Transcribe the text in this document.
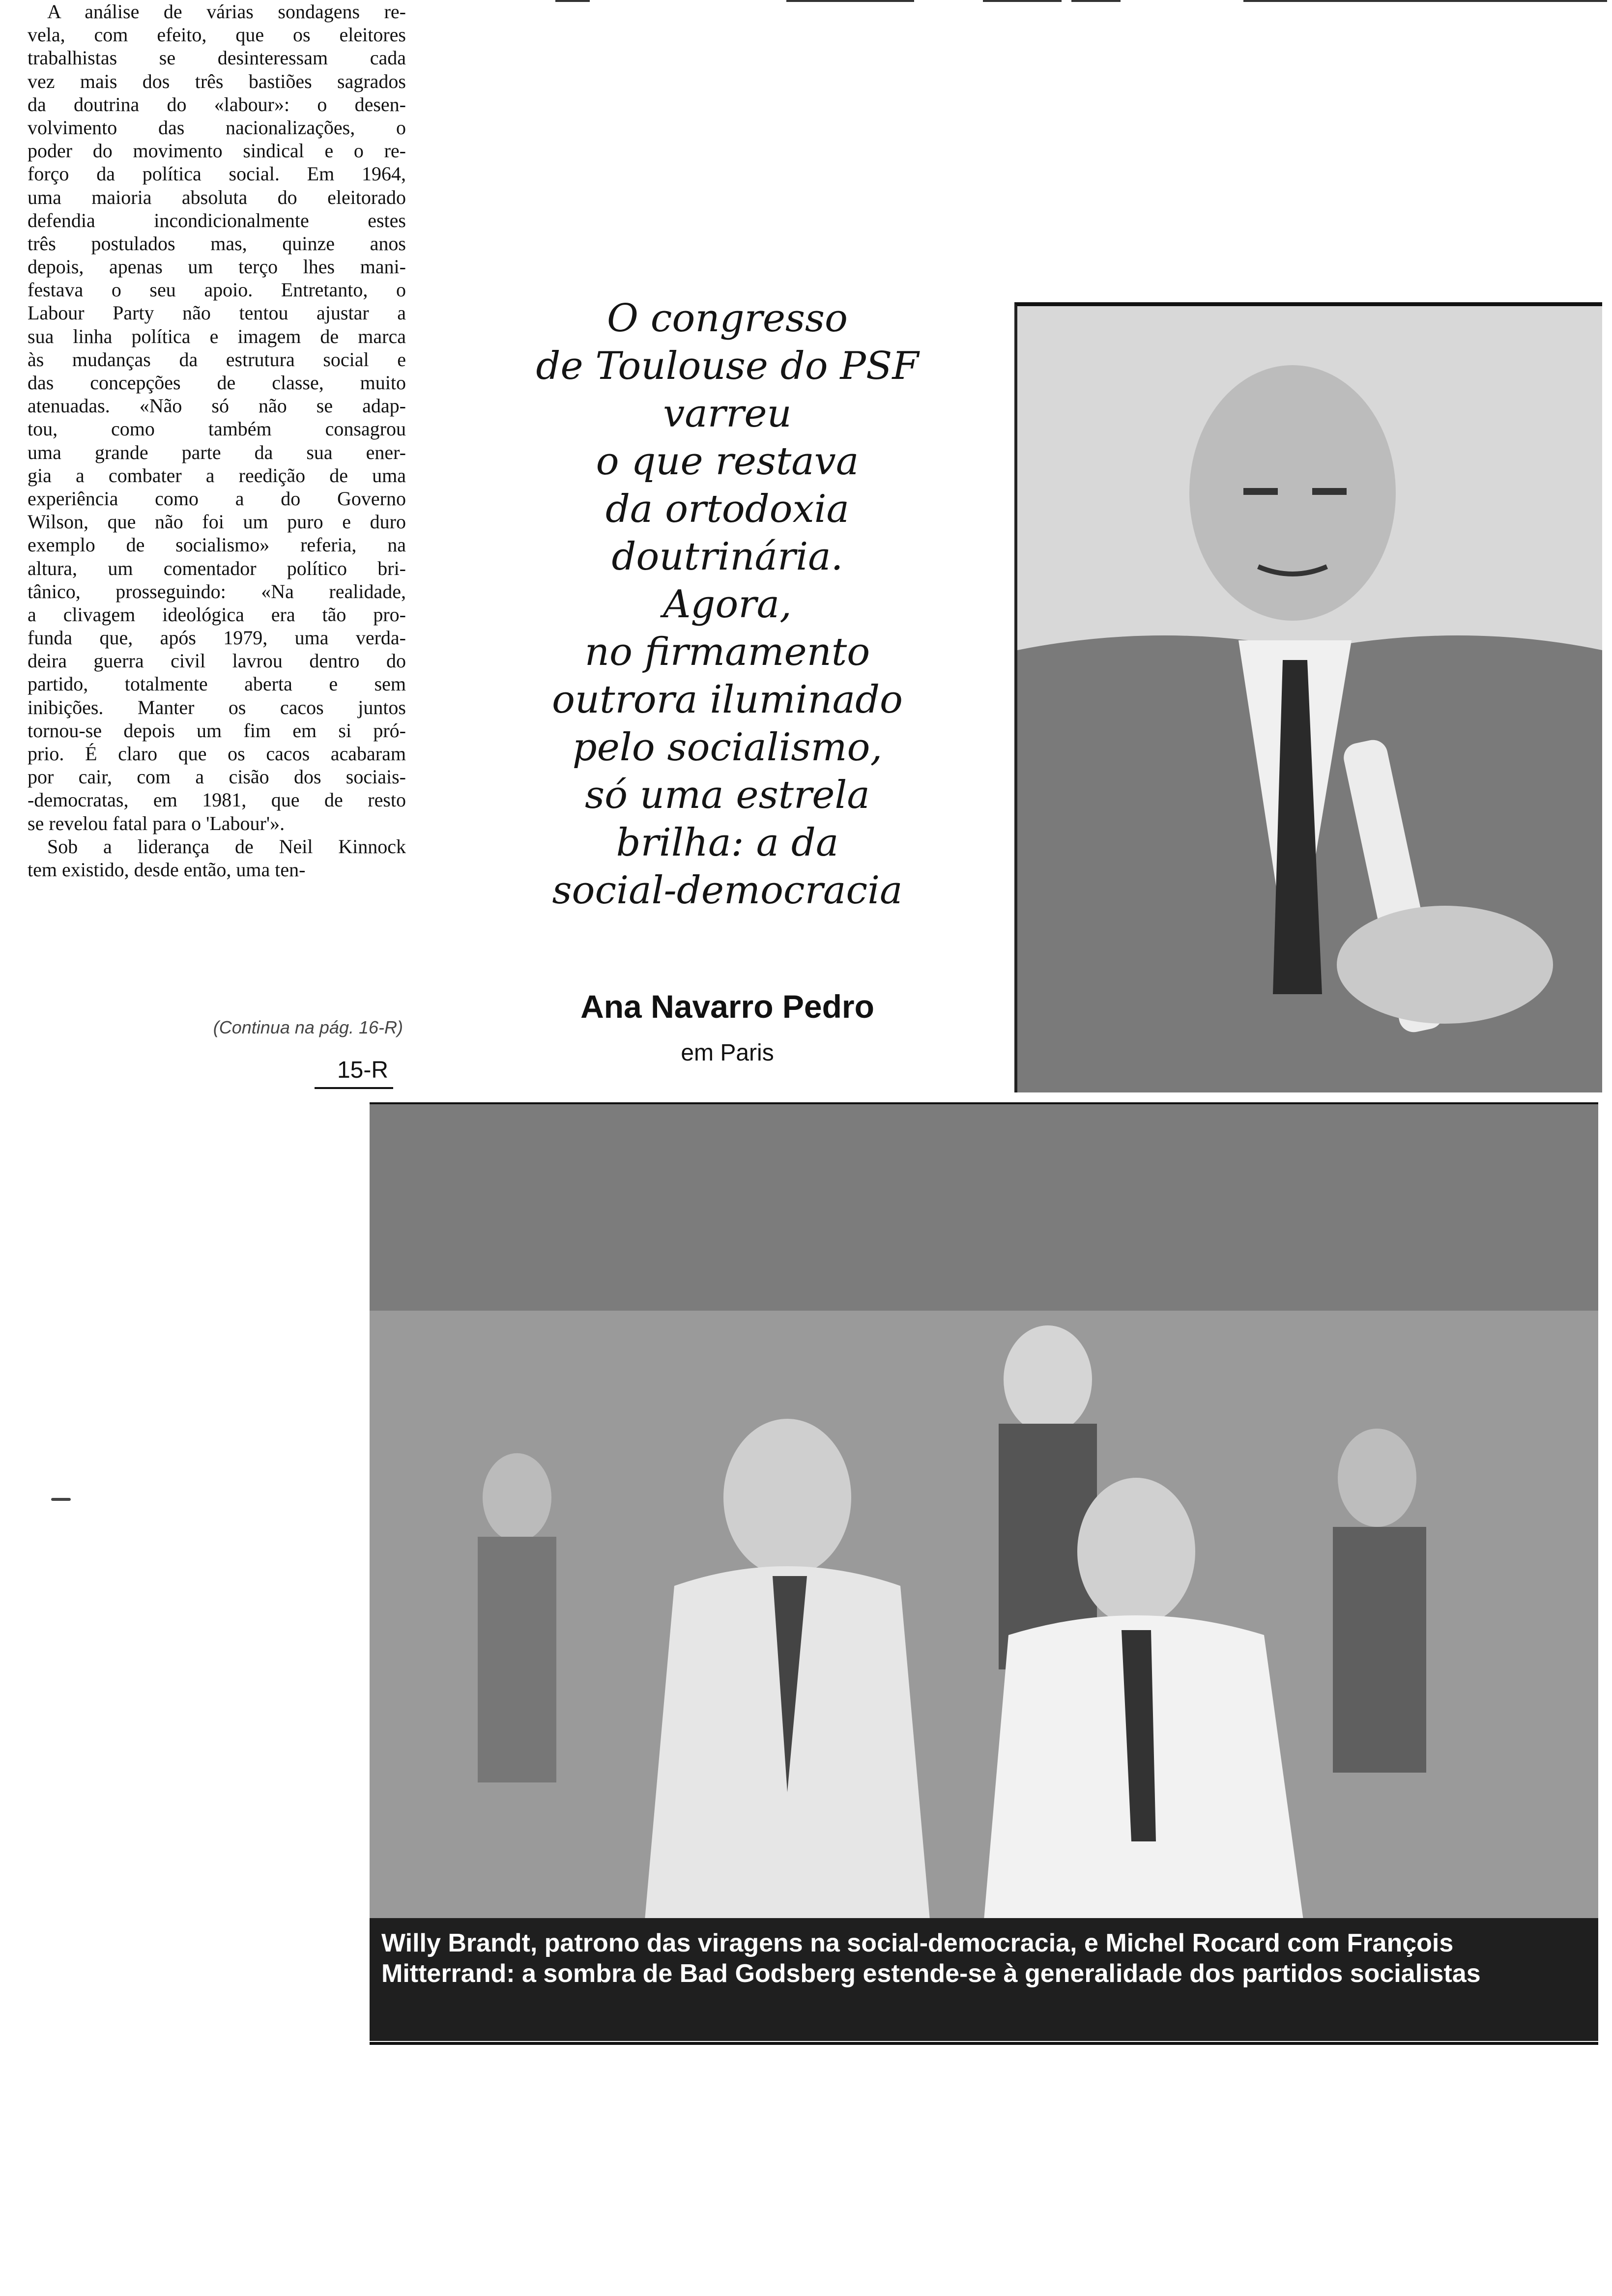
A análise de várias sondagens re-
vela, com efeito, que os eleitores
trabalhistas se desinteressam cada
vez mais dos três bastiões sagrados
da doutrina do «labour»: o desen-
volvimento das nacionalizações, o
poder do movimento sindical e o re-
forço da política social. Em 1964,
uma maioria absoluta do eleitorado
defendia incondicionalmente estes
três postulados mas, quinze anos
depois, apenas um terço lhes mani-
festava o seu apoio. Entretanto, o
Labour Party não tentou ajustar a
sua linha política e imagem de marca
às mudanças da estrutura social e
das concepções de classe, muito
atenuadas. «Não só não se adap-
tou, como também consagrou
uma grande parte da sua ener-
gia a combater a reedição de uma
experiência como a do Governo
Wilson, que não foi um puro e duro
exemplo de socialismo» referia, na
altura, um comentador político bri-
tânico, prosseguindo: «Na realidade,
a clivagem ideológica era tão pro-
funda que, após 1979, uma verda-
deira guerra civil lavrou dentro do
partido, totalmente aberta e sem
inibições. Manter os cacos juntos
tornou-se depois um fim em si pró-
prio. É claro que os cacos acabaram
por cair, com a cisão dos sociais-
-democratas, em 1981, que de resto
se revelou fatal para o 'Labour'».
Sob a liderança de Neil Kinnock
tem existido, desde então, uma ten-
(Continua na pág. 16-R)
15-R
O congresso
de Toulouse do PSF
varreu
o que restava
da ortodoxia
doutrinária.
Agora,
no firmamento
outrora iluminado
pelo socialismo,
só uma estrela
brilha: a da
social-democracia
Ana Navarro Pedro
em Paris
Willy Brandt, patrono das viragens na social-democracia, e Michel Rocard com François
Mitterrand: a sombra de Bad Godsberg estende-se à generalidade dos partidos socialistas
